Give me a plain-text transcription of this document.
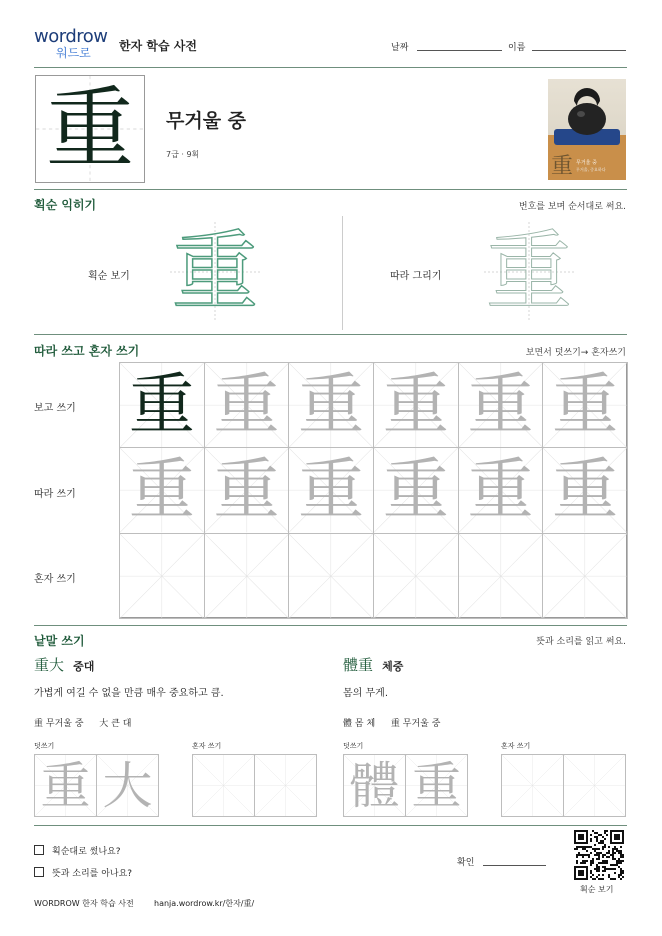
wordrow
워드로	한자 학습 사전	날짜	이름
重	무거울 중
7급 · 9획	重 무거울 중
무거울, 중요하다
획순 익히기	번호를 보며 순서대로 써요.
획순 보기 重	따라 그리기 重
따라 쓰고 혼자 쓰기	보면서 덧쓰기→ 혼자쓰기
보고 쓰기
따라 쓰기
혼자 쓰기
重 重 重 重 重 重
重 重 重 重 重 重
낱말 쓰기	뜻과 소리를 읽고 써요.
重大 중대
가볍게 여길 수 없을 만큼 매우 중요하고 큼.
重 무거울 중 大 큰 대
덧쓰기	혼자 쓰기
體重 체중
몸의 무게.
體 몸 체 重 무거울 중
덧쓰기	혼자 쓰기
重 大	體 重
획순대로 썼나요?
뜻과 소리를 아나요?
확인
획순 보기
WORDROW 한자 학습 사전	hanja.wordrow.kr/한자/重/
